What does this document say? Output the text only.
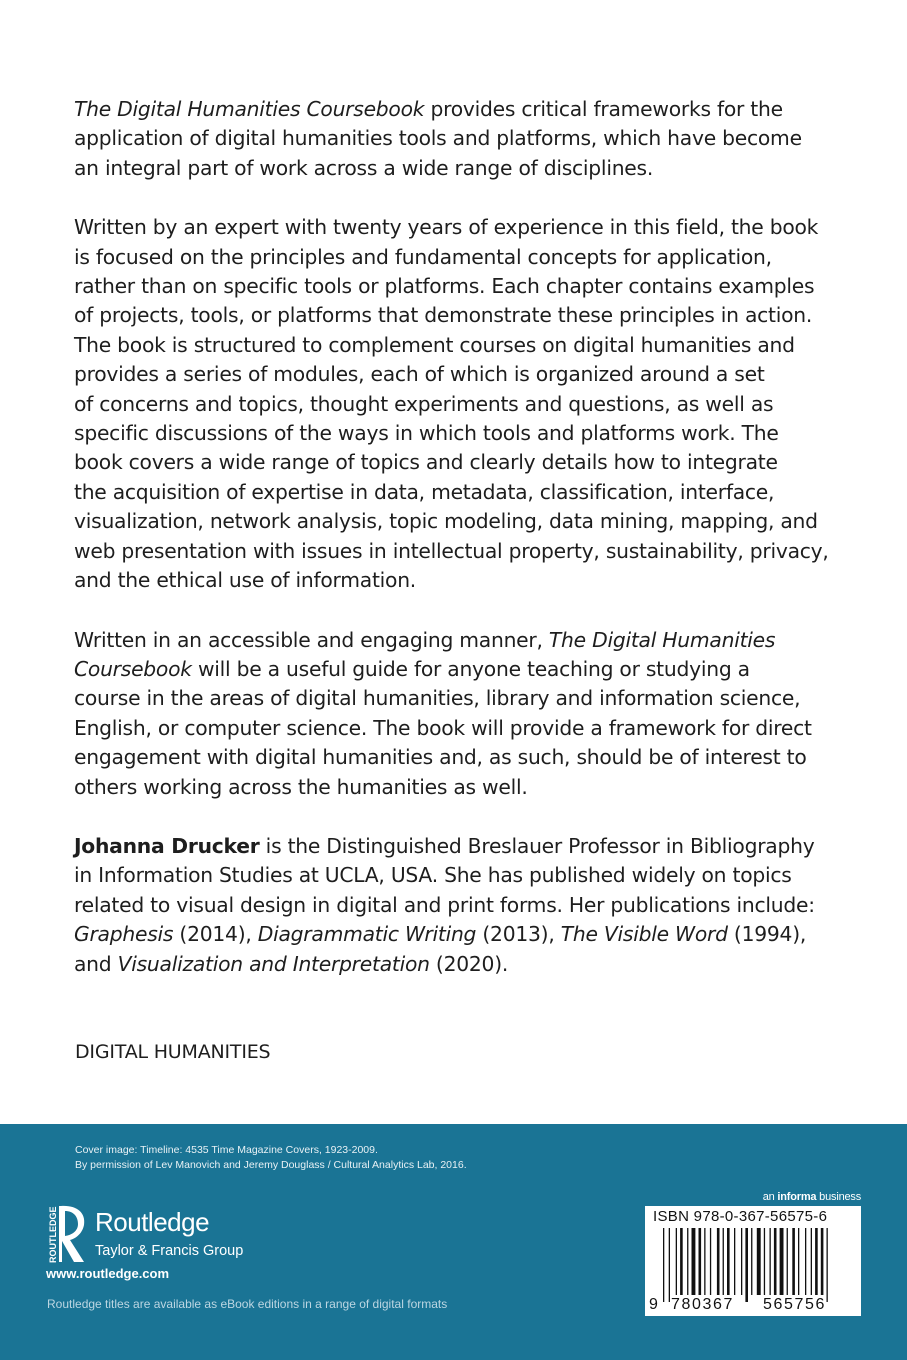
The Digital Humanities Coursebook provides critical frameworks for the
application of digital humanities tools and platforms, which have become
an integral part of work across a wide range of disciplines.

Written by an expert with twenty years of experience in this field, the book
is focused on the principles and fundamental concepts for application,
rather than on specific tools or platforms. Each chapter contains examples
of projects, tools, or platforms that demonstrate these principles in action.
The book is structured to complement courses on digital humanities and
provides a series of modules, each of which is organized around a set
of concerns and topics, thought experiments and questions, as well as
specific discussions of the ways in which tools and platforms work. The
book covers a wide range of topics and clearly details how to integrate
the acquisition of expertise in data, metadata, classification, interface,
visualization, network analysis, topic modeling, data mining, mapping, and
web presentation with issues in intellectual property, sustainability, privacy,
and the ethical use of information.

Written in an accessible and engaging manner, The Digital Humanities
Coursebook will be a useful guide for anyone teaching or studying a
course in the areas of digital humanities, library and information science,
English, or computer science. The book will provide a framework for direct
engagement with digital humanities and, as such, should be of interest to
others working across the humanities as well.

Johanna Drucker is the Distinguished Breslauer Professor in Bibliography
in Information Studies at UCLA, USA. She has published widely on topics
related to visual design in digital and print forms. Her publications include:
Graphesis (2014), Diagrammatic Writing (2013), The Visible Word (1994),
and Visualization and Interpretation (2020).

DIGITAL HUMANITIES
Cover image: Timeline: 4535 Time Magazine Covers, 1923-2009.
By permission of Lev Manovich and Jeremy Douglass / Cultural Analytics Lab, 2016.
ROUTLEDGE Routledge
Taylor & Francis Group
www.routledge.com
Routledge titles are available as eBook editions in a range of digital formats
an informa business
ISBN 978-0-367-56575-6
9 780367 565756
